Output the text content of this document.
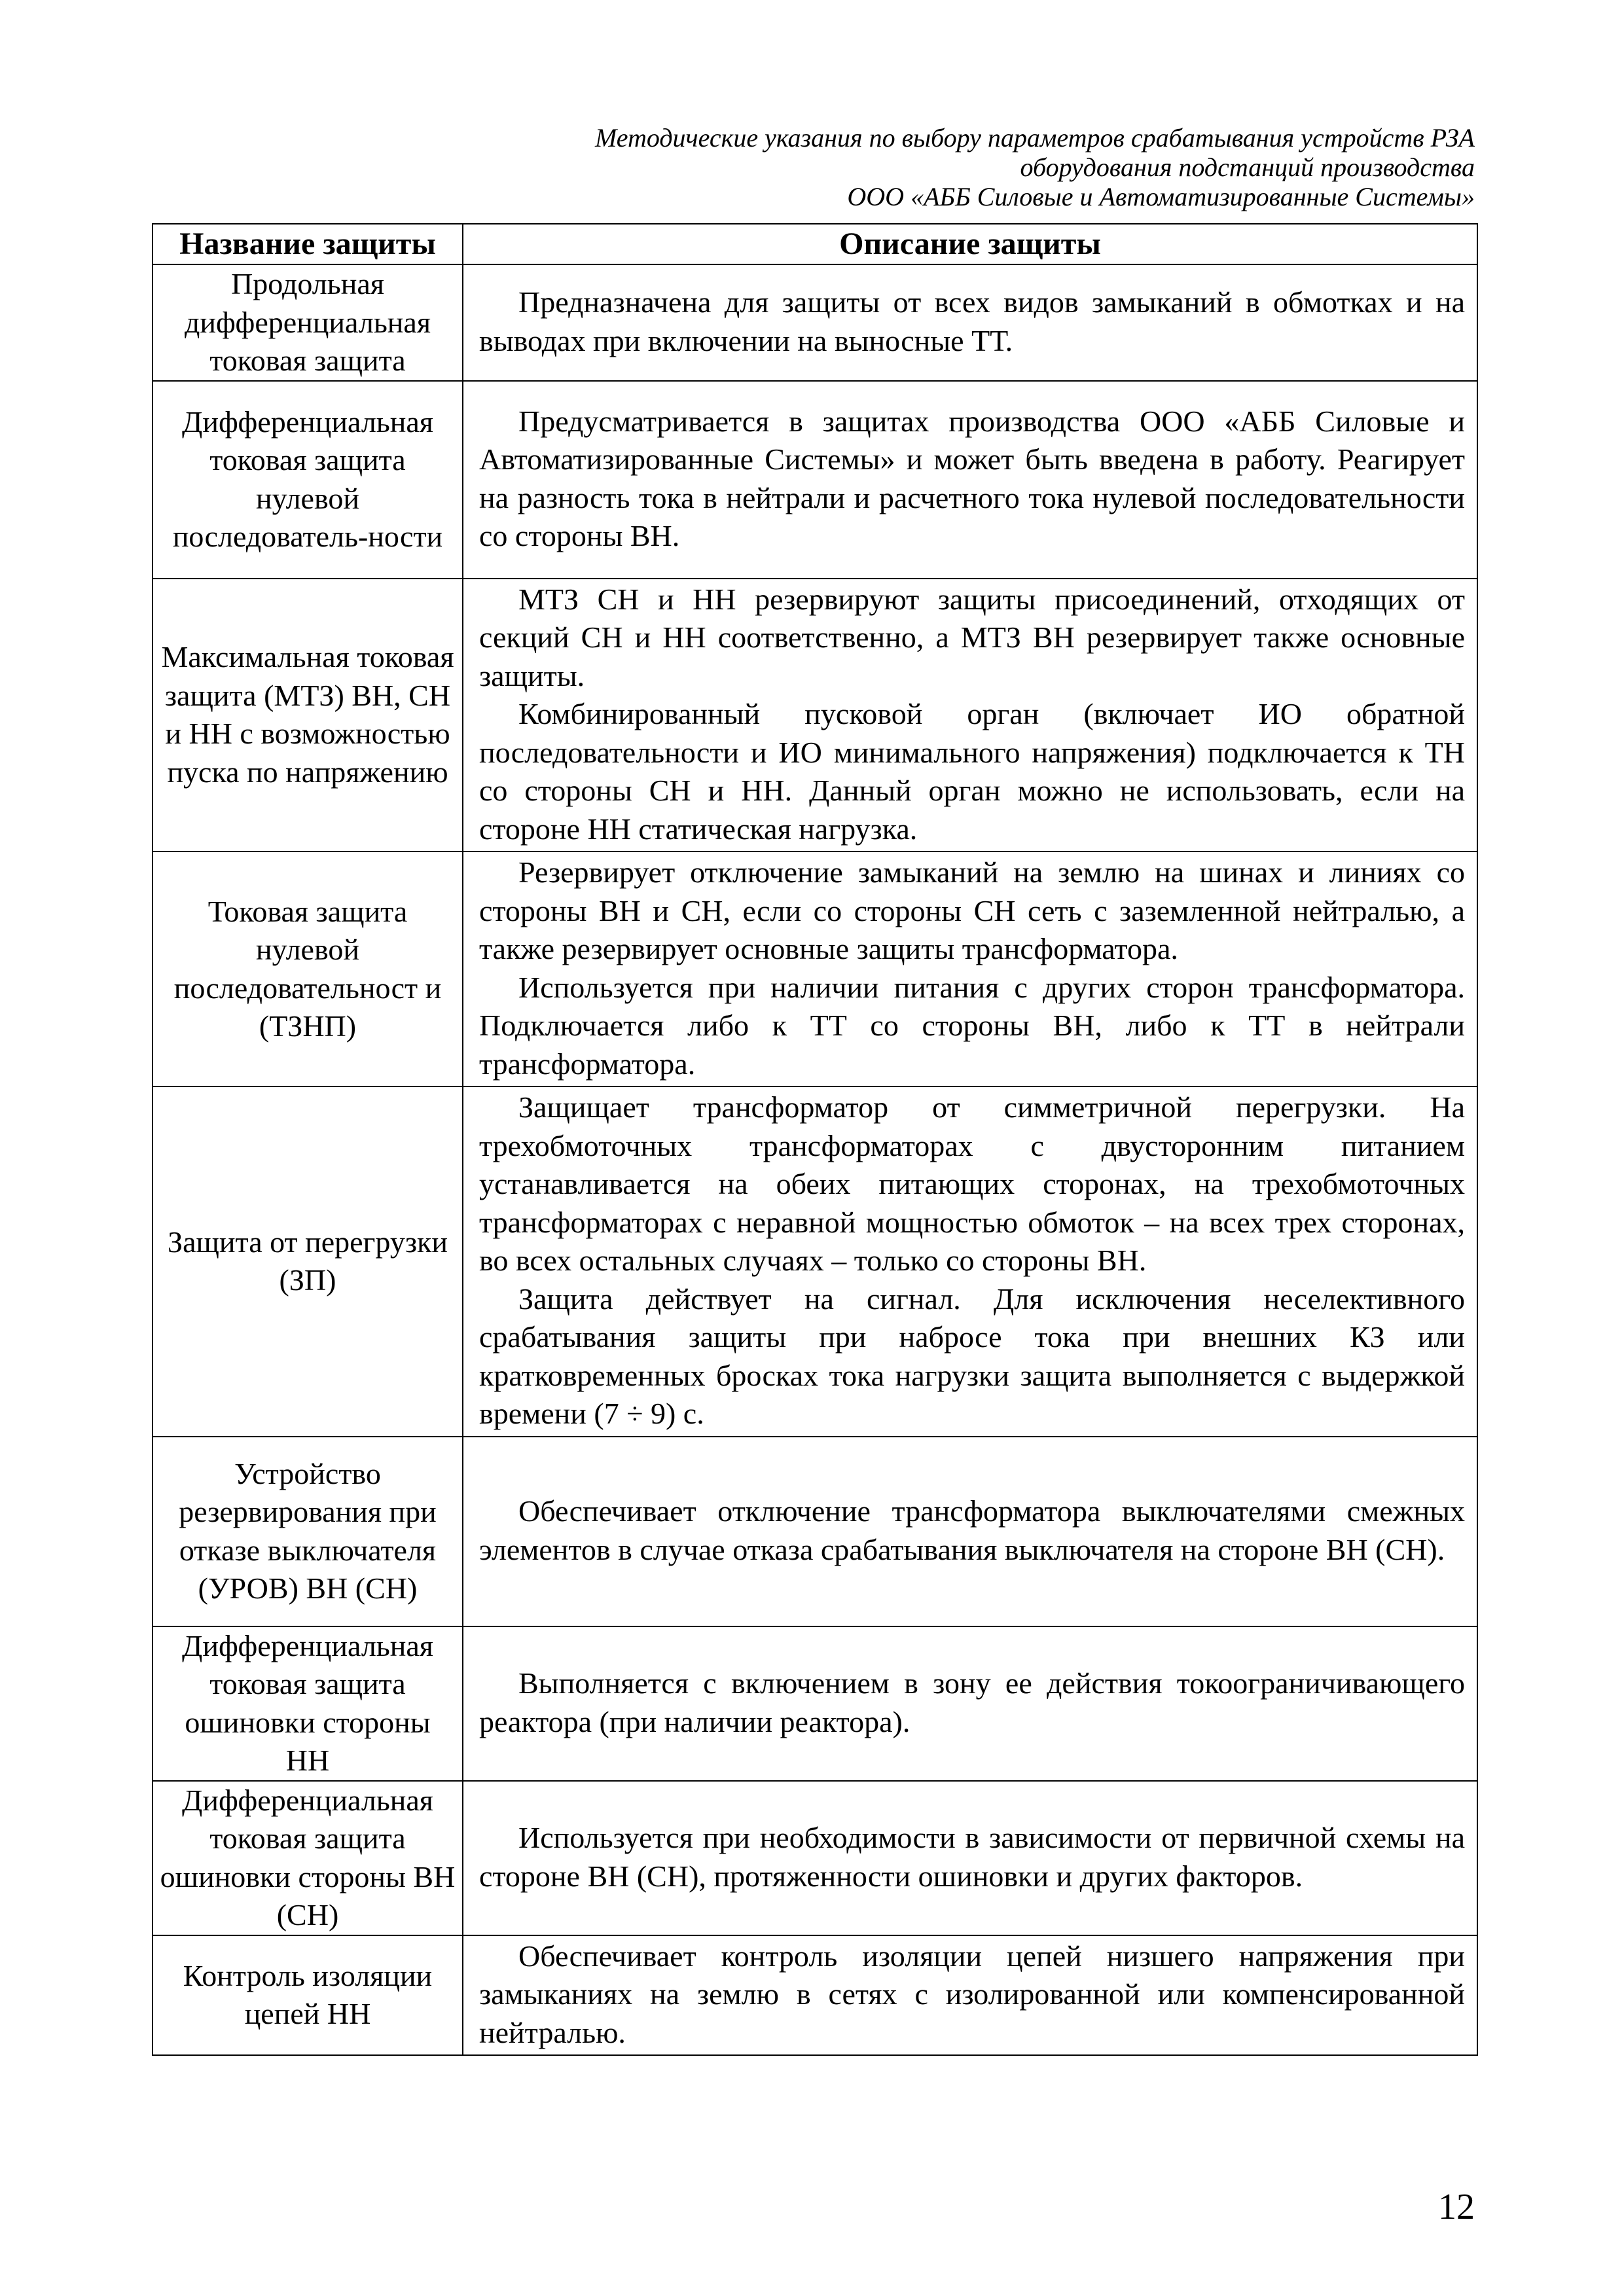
Методические указания по выбору параметров срабатывания устройств РЗА
оборудования подстанций производства
ООО «АББ Силовые и Автоматизированные Системы»
Название защиты	Описание защиты
Продольная дифференциальная токовая защита	Предназначена для защиты от всех видов замыканий в обмотках и на выводах при включении на выносные ТТ.

Дифференциальная токовая защита нулевой последователь-ности	Предусматривается в защитах производства ООО «АББ Силовые и Автоматизированные Системы» и может быть введена в работу. Реагирует на разность тока в нейтрали и расчетного тока нулевой последовательности со стороны ВН.

Максимальная токовая защита (МТЗ) ВН, СН и НН с возможностью пуска по напряжению	МТЗ СН и НН резервируют защиты присоединений, отходящих от секций СН и НН соответственно, а МТЗ ВН резервирует также основные защиты.

Комбинированный пусковой орган (включает ИО обратной последовательности и ИО минимального напряжения) подключается к ТН со стороны СН и НН. Данный орган можно не использовать, если на стороне НН статическая нагрузка.

Токовая защита нулевой последовательност и (ТЗНП)	Резервирует отключение замыканий на землю на шинах и линиях со стороны ВН и СН, если со стороны СН сеть с заземленной нейтралью, а также резервирует основные защиты трансформатора.

Используется при наличии питания с других сторон трансформатора. Подключается либо к ТТ со стороны ВН, либо к ТТ в нейтрали трансформатора.

Защита от перегрузки (ЗП)	Защищает трансформатор от симметричной перегрузки. На трехобмоточных трансформаторах с двусторонним питанием устанавливается на обеих питающих сторонах, на трехобмоточных трансформаторах с неравной мощностью обмоток – на всех трех сторонах, во всех остальных случаях – только со стороны ВН.

Защита действует на сигнал. Для исключения неселективного срабатывания защиты при набросе тока при внешних КЗ или кратковременных бросках тока нагрузки защита выполняется с выдержкой времени (7 ÷ 9) с.

Устройство резервирования при отказе выключателя (УРОВ) ВН (СН)	Обеспечивает отключение трансформатора выключателями смежных элементов в случае отказа срабатывания выключателя на стороне ВН (СН).

Дифференциальная токовая защита ошиновки стороны НН	Выполняется с включением в зону ее действия токоограничивающего реактора (при наличии реактора).

Дифференциальная токовая защита ошиновки стороны ВН (СН)	Используется при необходимости в зависимости от первичной схемы на стороне ВН (СН), протяженности ошиновки и других факторов.

Контроль изоляции цепей НН	Обеспечивает контроль изоляции цепей низшего напряжения при замыканиях на землю в сетях с изолированной или компенсированной нейтралью.

12
